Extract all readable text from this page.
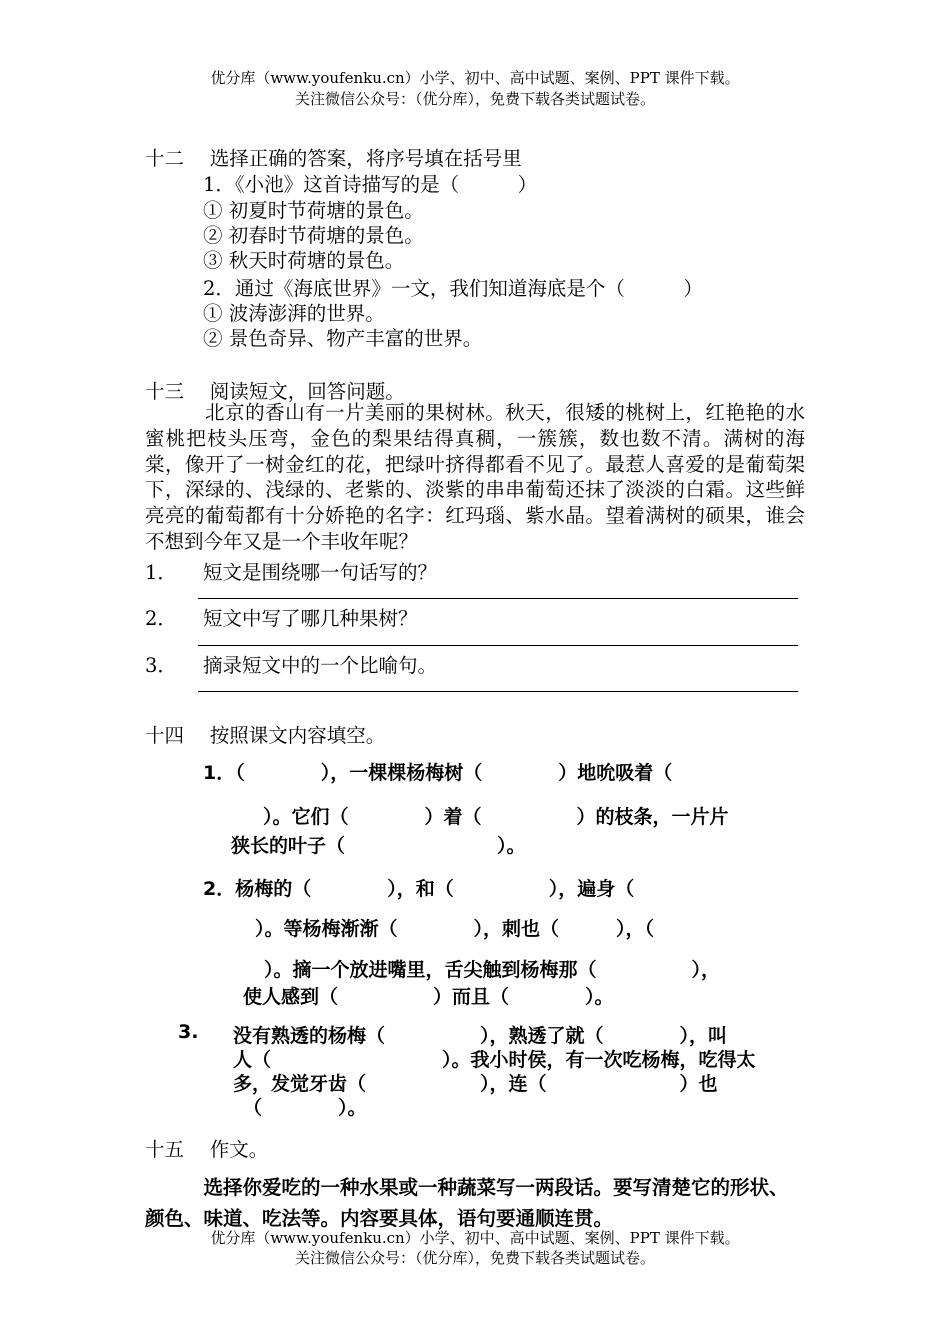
优分库（www.youfenku.cn）小学、初中、高中试题、案例、PPT 课件下载。
关注微信公众号：（优分库），免费下载各类试题试卷。
十二　 选择正确的答案，将序号填在括号里
1．《小池》这首诗描写的是（　　　）
① 初夏时节荷塘的景色。
② 初春时节荷塘的景色。
③ 秋天时荷塘的景色。
2．通过《海底世界》一文，我们知道海底是个（　　　）
① 波涛澎湃的世界。
② 景色奇异、物产丰富的世界。
十三　 阅读短文，回答问题。
　　　北京的香山有一片美丽的果树林。秋天，很矮的桃树上，红艳艳的水蜜桃把枝头压弯，金色的梨果结得真稠，一簇簇，数也数不清。满树的海棠，像开了一树金红的花，把绿叶挤得都看不见了。最惹人喜爱的是葡萄架下，深绿的、浅绿的、老紫的、淡紫的串串葡萄还抹了淡淡的白霜。这些鲜亮亮的葡萄都有十分娇艳的名字：红玛瑙、紫水晶。望着满树的硕果，谁会不想到今年又是一个丰收年呢？
1． 短文是围绕哪一句话写的？
2． 短文中写了哪几种果树？
3． 摘录短文中的一个比喻句。
十四　 按照课文内容填空。
1．（　　　　），一棵棵杨梅树（　　　　）地吮吸着（
）。它们（　　　　）着（　　　　　）的枝条，一片片
狭长的叶子（　　　　　　　　）。
2．杨梅的（　　　　），和（　　　　　），遍身（
）。等杨梅渐渐（　　　　），刺也（　　　），（
）。摘一个放进嘴里，舌尖触到杨梅那（　　　　　），
使人感到（　　　　　）而且（　　　　）。
3. 没有熟透的杨梅（　　　　　），熟透了就（　　　　），叫
人（　　　　　　　　　）。我小时侯，有一次吃杨梅，吃得太
多，发觉牙齿（　　　　　　），连（　　　　　　　）也
（　　　　）。
十五　 作文。
　　　选择你爱吃的一种水果或一种蔬菜写一两段话。要写清楚它的形状、颜色、味道、吃法等。内容要具体，语句要通顺连贯。
优分库（www.youfenku.cn）小学、初中、高中试题、案例、PPT 课件下载。
关注微信公众号：（优分库），免费下载各类试题试卷。
